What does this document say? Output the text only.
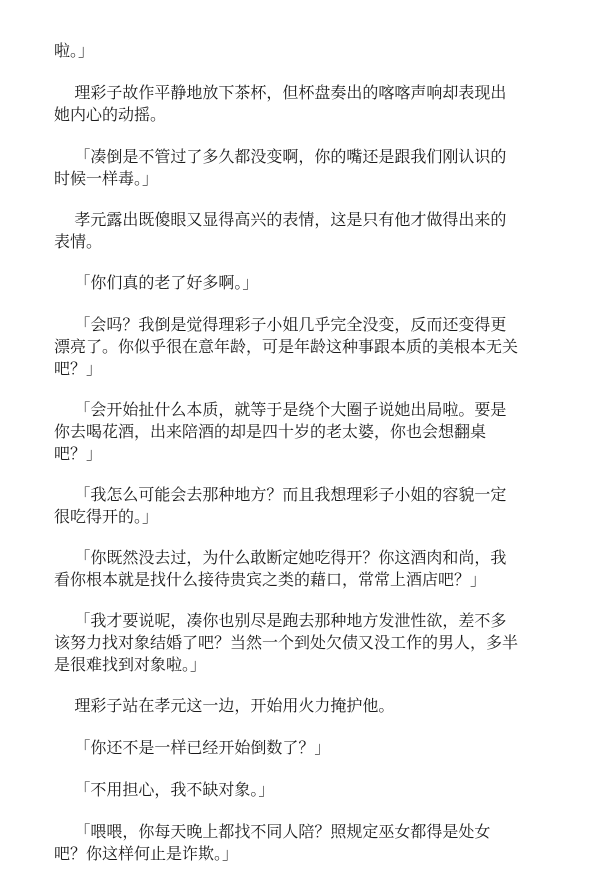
啦。」

理彩子故作平静地放下茶杯，但杯盘奏出的喀喀声响却表现出
她内心的动摇。

「凑倒是不管过了多久都没变啊，你的嘴还是跟我们刚认识的
时候一样毒。」

孝元露出既傻眼又显得高兴的表情，这是只有他才做得出来的
表情。

「你们真的老了好多啊。」

「会吗？我倒是觉得理彩子小姐几乎完全没变，反而还变得更
漂亮了。你似乎很在意年龄，可是年龄这种事跟本质的美根本无关
吧？」

「会开始扯什么本质，就等于是绕个大圈子说她出局啦。要是
你去喝花酒，出来陪酒的却是四十岁的老太婆，你也会想翻桌
吧？」

「我怎么可能会去那种地方？而且我想理彩子小姐的容貌一定
很吃得开的。」

「你既然没去过，为什么敢断定她吃得开？你这酒肉和尚，我
看你根本就是找什么接待贵宾之类的藉口，常常上酒店吧？」

「我才要说呢，凑你也别尽是跑去那种地方发泄性欲，差不多
该努力找对象结婚了吧？当然一个到处欠债又没工作的男人，多半
是很难找到对象啦。」

理彩子站在孝元这一边，开始用火力掩护他。

「你还不是一样已经开始倒数了？」

「不用担心，我不缺对象。」

「喂喂，你每天晚上都找不同人陪？照规定巫女都得是处女
吧？你这样何止是诈欺。」
